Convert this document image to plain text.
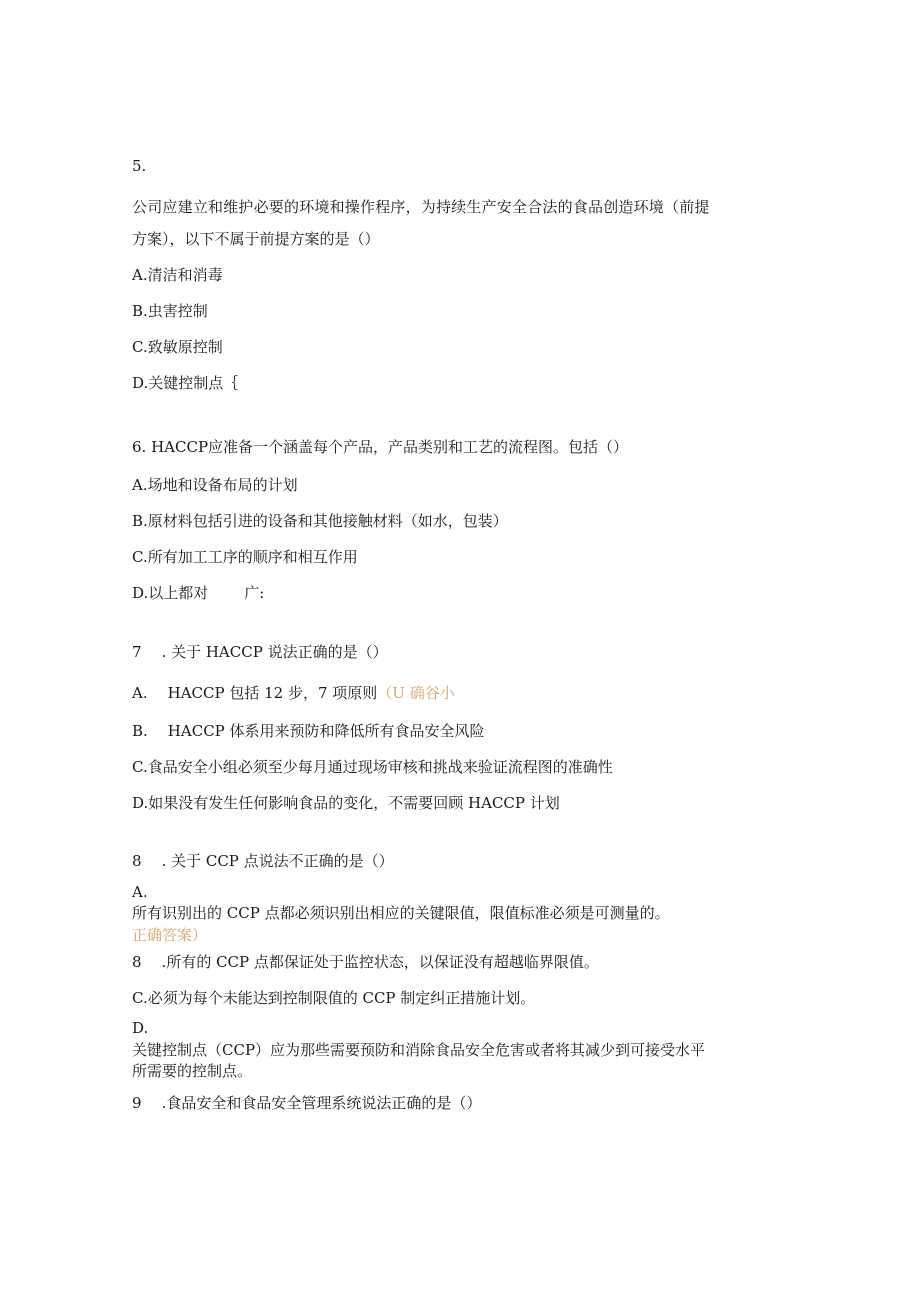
5.
公司应建立和维护必要的环境和操作程序，为持续生产安全合法的食品创造环境（前提
方案），以下不属于前提方案的是（）
A.清洁和消毒
B.虫害控制
C.致敏原控制
D.关键控制点｛
6. HACCP应准备一个涵盖每个产品，产品类别和工艺的流程图。包括（）
A.场地和设备布局的计划
B.原材料包括引进的设备和其他接触材料（如水，包装）
C.所有加工工序的顺序和相互作用
D.以上都对 广:
7 . 关于 HACCP 说法正确的是（）
A. HACCP 包括 12 步，7 项原则（U 确谷小
B. HACCP 体系用来预防和降低所有食品安全风险
C.食品安全小组必须至少每月通过现场审核和挑战来验证流程图的准确性
D.如果没有发生任何影响食品的变化，不需要回顾 HACCP 计划
8 . 关于 CCP 点说法不正确的是（）
A.
所有识别出的 CCP 点都必须识别出相应的关键限值，限值标准必须是可测量的。
正确答案）
8 .所有的 CCP 点都保证处于监控状态，以保证没有超越临界限值。
C.必须为每个未能达到控制限值的 CCP 制定纠正措施计划。
D.
关键控制点（CCP）应为那些需要预防和消除食品安全危害或者将其减少到可接受水平
所需要的控制点。
9 .食品安全和食品安全管理系统说法正确的是（）
